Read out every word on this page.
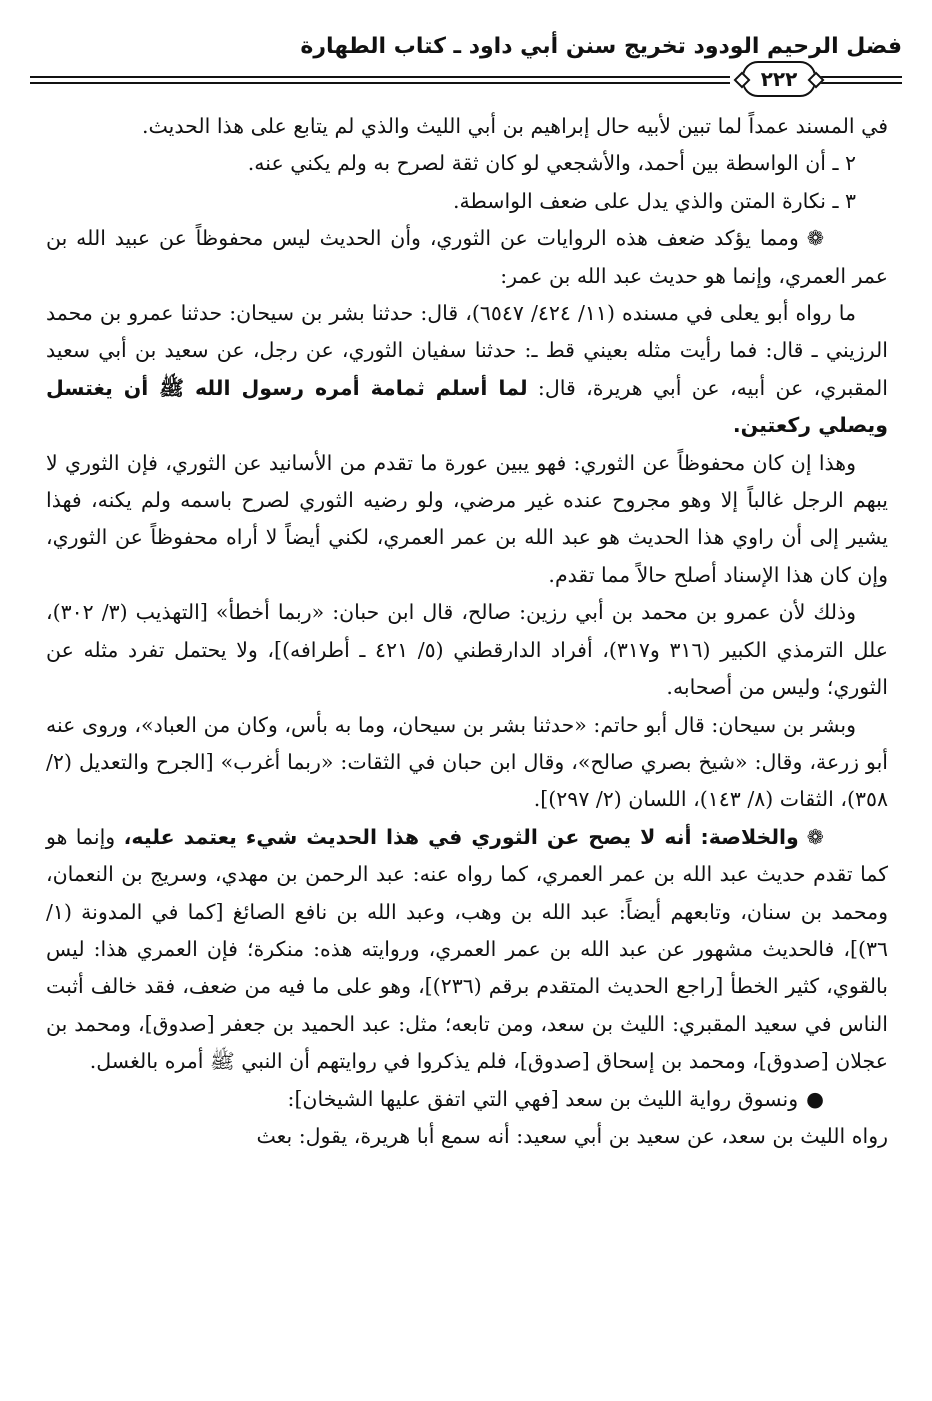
فضل الرحيم الودود تخريج سنن أبي داود ـ كتاب الطهارة
٢٢٢

في المسند عمداً لما تبين لأبيه حال إبراهيم بن أبي الليث والذي لم يتابع على هذا الحديث.

٢ ـ أن الواسطة بين أحمد، والأشجعي لو كان ثقة لصرح به ولم يكني عنه.

٣ ـ نكارة المتن والذي يدل على ضعف الواسطة.

❁ومما يؤكد ضعف هذه الروايات عن الثوري، وأن الحديث ليس محفوظاً عن عبيد الله بن عمر العمري، وإنما هو حديث عبد الله بن عمر:

ما رواه أبو يعلى في مسنده (١١/ ٤٢٤/ ٦٥٤٧)، قال: حدثنا بشر بن سيحان: حدثنا عمرو بن محمد الرزيني ـ قال: فما رأيت مثله بعيني قط ـ: حدثنا سفيان الثوري، عن رجل، عن سعيد بن أبي سعيد المقبري، عن أبيه، عن أبي هريرة، قال: لما أسلم ثمامة أمره رسول الله ﷺ أن يغتسل ويصلي ركعتين.

وهذا إن كان محفوظاً عن الثوري: فهو يبين عورة ما تقدم من الأسانيد عن الثوري، فإن الثوري لا يبهم الرجل غالباً إلا وهو مجروح عنده غير مرضي، ولو رضيه الثوري لصرح باسمه ولم يكنه، فهذا يشير إلى أن راوي هذا الحديث هو عبد الله بن عمر العمري، لكني أيضاً لا أراه محفوظاً عن الثوري، وإن كان هذا الإسناد أصلح حالاً مما تقدم.

وذلك لأن عمرو بن محمد بن أبي رزين: صالح، قال ابن حبان: «ربما أخطأ» [التهذيب (٣/ ٣٠٢)، علل الترمذي الكبير (٣١٦ و٣١٧)، أفراد الدارقطني (٥/ ٤٢١ ـ أطرافه)]، ولا يحتمل تفرد مثله عن الثوري؛ وليس من أصحابه.

وبشر بن سيحان: قال أبو حاتم: «حدثنا بشر بن سيحان، وما به بأس، وكان من العباد»، وروى عنه أبو زرعة، وقال: «شيخ بصري صالح»، وقال ابن حبان في الثقات: «ربما أغرب» [الجرح والتعديل (٢/ ٣٥٨)، الثقات (٨/ ١٤٣)، اللسان (٢/ ٢٩٧)].

❁والخلاصة: أنه لا يصح عن الثوري في هذا الحديث شيء يعتمد عليه، وإنما هو كما تقدم حديث عبد الله بن عمر العمري، كما رواه عنه: عبد الرحمن بن مهدي، وسريج بن النعمان، ومحمد بن سنان، وتابعهم أيضاً: عبد الله بن وهب، وعبد الله بن نافع الصائغ [كما في المدونة (١/ ٣٦)]، فالحديث مشهور عن عبد الله بن عمر العمري، وروايته هذه: منكرة؛ فإن العمري هذا: ليس بالقوي، كثير الخطأ [راجع الحديث المتقدم برقم (٢٣٦)]، وهو على ما فيه من ضعف، فقد خالف أثبت الناس في سعيد المقبري: الليث بن سعد، ومن تابعه؛ مثل: عبد الحميد بن جعفر [صدوق]، ومحمد بن عجلان [صدوق]، ومحمد بن إسحاق [صدوق]، فلم يذكروا في روايتهم أن النبي ﷺ أمره بالغسل.

●ونسوق رواية الليث بن سعد [فهي التي اتفق عليها الشيخان]:

رواه الليث بن سعد، عن سعيد بن أبي سعيد: أنه سمع أبا هريرة، يقول: بعث
